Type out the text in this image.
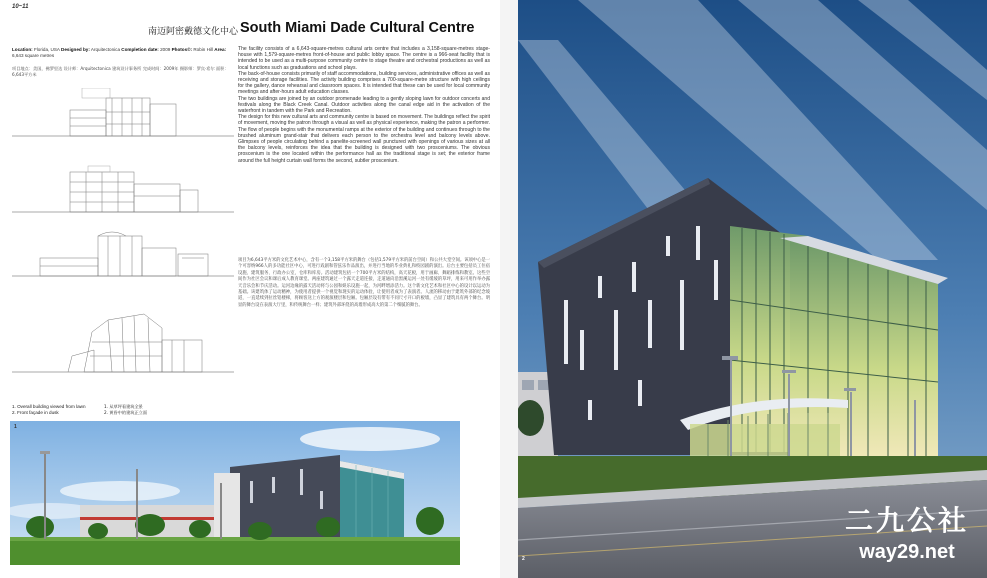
10~11
南迈阿密戴德文化中心 South Miami Dade Cultural Centre
Location: Florida, USA Designed by: Arquitectonica Completion date: 2009 Photos©: Robin Hill Area: 6,643 square metres
项目地点：美国，佛罗里达 设计师：Arquitectonica 建筑设计事务所 完成时间：2009年 摄影师：罗宾·希尔 面积：6,643平方米

The facility consists of a 6,643-square-metres cultural arts centre that includes a 3,158-square-metres stage-house with 1,579-square-metres front-of-house and public lobby space. The centre is a 966-seat facility that is intended to be used as a multi-purpose community centre to stage theatre and orchestral productions as well as local functions such as graduations and school plays.

The back-of-house consists primarily of staff accommodations, building services, administrative offices as well as receiving and storage facilities. The activity building comprises a 700-square-metre structure with high ceilings for the gallery, dance rehearsal and classroom spaces. It is intended that these can be used for local community meetings and after-hours adult education classes.

The two buildings are joined by an outdoor promenade leading to a gently sloping lawn for outdoor concerts and festivals along the Black Creek Canal. Outdoor activities along the canal edge aid in the activation of the waterfront in tandem with the Park and Recreation.

The design for this new cultural arts and community centre is based on movement. The buildings reflect the spirit of movement, moving the patron through a visual as well as physical experience, making the patron a performer. The flow of people begins with the monumental ramps at the exterior of the building and continues through to the brushed aluminum grand-stair that delivers each person to the orchestra level and balcony levels above. Glimpses of people circulating behind a panelite-screened wall punctured with openings of various sizes at all the balcony levels, reinforces the idea that the building is designed with two prosceniums. The obvious proscenium is the one located within the performance hall as the traditional stage is set; the exterior frame around the full height curtain wall forms the second, subtler proscenium.

项目为6,643平方米的文化艺术中心，含有一个3,158平方米的舞台（包括1,579平方米的前台空间）和公共大堂空间。该项中心是一个可容纳966人的多功能社区中心，可进行戏剧和管弦乐作品演出，并进行当地的毕业典礼和校园剧的演出。后台主要包括员工住宿设施、建筑服务、行政办公室，仓库和库房。活动建筑包括一个700平方米的结构，高天花板，用于画廊、舞蹈排练和教室。这些空间作为社区会议和课后成人教育课堂。两座建筑通过一个露天走道连接，走道通向沿黑溪运河一处有缓坡的草坪，用来可用作举办露天音乐会和节庆活动。运河边缘的露天活动将与公园和娱乐设施一起，为河畔增添活力。这个新文化艺术和社区中心的设计以运动为基础。该建筑体了运动精神，为使用者提供一个视觉和现实的运动体验，让使用者成为了表演者。人流的移动由于建筑外部的纪念坡道，一直延续到拉丝铝楼梯，将顾客送上方的观演楼层和包厢。包厢层设有带有不同尺寸开口的板墙，凸显了建筑具有两个舞台。明显的舞台设在表演大厅里，和传统舞台一样；建筑外部环绕的高墙形成高大的第二个细腻的舞台。
1. Overall building viewed from lawn
2. Front façade in dusk
1. 从草坪看建筑全景
2. 黄昏中的建筑正立面
1
2
二九公社
way29.net
